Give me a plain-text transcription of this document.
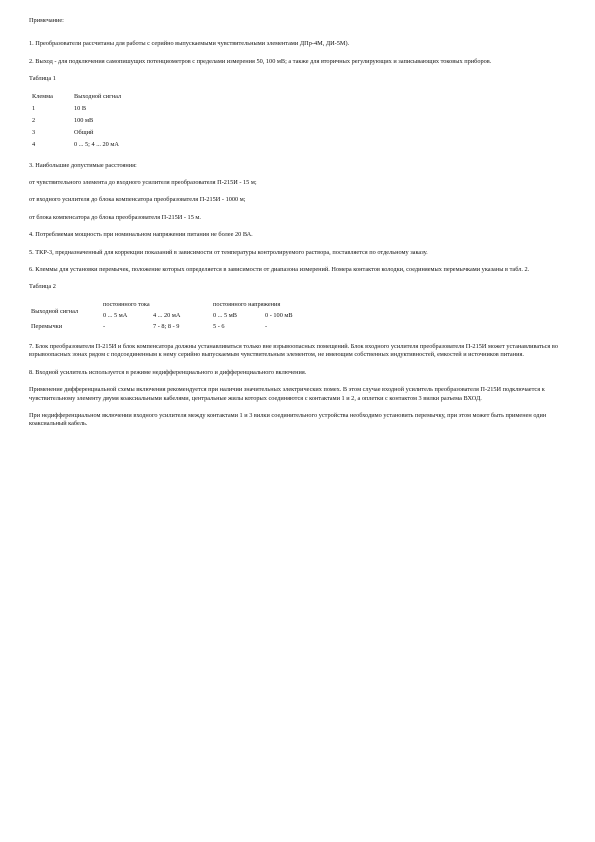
Примечание:

1. Преобразователи рассчитаны для работы с серийно выпускаемыми чувствительными элементами ДПр-4М, ДИ-5М).

2. Выход - для подключения самопишущих потенциометров с пределами измерения 50, 100 мВ; а также для вторичных регулирующих и записывающих токовых приборов.

Таблица 1

Клемма	Выходной сигнал
1	10 В
2	100 мВ
3	Общий
4	0 ... 5; 4 ... 20 мА

3. Наибольшие допустимые расстояния:

от чувствительного элемента до входного усилителя преобразователя П-215И - 15 м;

от входного усилителя до блока компенсатора преобразователя П-215И - 1000 м;

от блока компенсатора до блока преобразователя П-215И - 15 м.

4. Потребляемая мощность при номинальном напряжении питания не более 20 ВА.

5. ТКР-3, предназначенный для коррекции показаний в зависимости от температуры контролируемого раствора, поставляется по отдельному заказу.

6. Клеммы для установки перемычек, положение которых определяется в зависимости от диапазона измерений. Номера контактов колодки, соединяемых перемычками указаны в табл. 2.

Таблица 2

Выходной сигнал	постоянного тока		постоянного напряжения	
	0 ... 5 мА	4 ... 20 мА	0 ... 5 мВ	0 - 100 мВ
Перемычки	-	7 - 8; 8 - 9	5 - 6	-

7. Блок преобразователя П-215И и блок компенсатора должны устанавливаться только вне взрывоопасных помещений. Блок входного усилителя преобразователя П-215И может устанавливаться во взрывоопасных зонах рядом с подсоединенным к нему серийно выпускаемым чувствительным элементом, не имеющим собственных индуктивностей, емкостей и источников питания.

8. Входной усилитель используется в режиме недифференциального и дифференциального включения.

Применение дифференциальной схемы включения рекомендуется при наличии значительных электрических помех. В этом случае входной усилитель преобразователя П-215И подключается к чувствительному элементу двумя коаксиальными кабелями, центральные жилы которых соединяются с контактами 1 и 2, а оплетки с контактом 3 вилки разъема ВХОД.

При недифференциальном включении входного усилителя между контактами 1 и 3 вилки соединительного устройства необходимо установить перемычку, при этом может быть применен один коаксиальный кабель.
